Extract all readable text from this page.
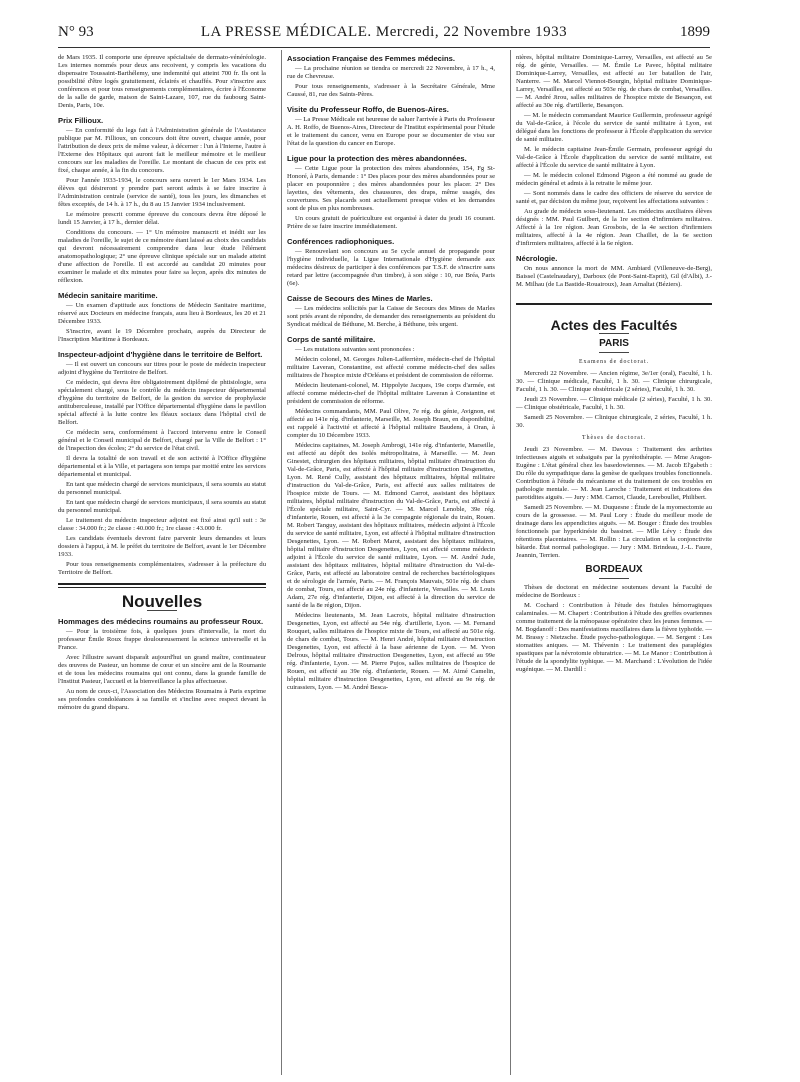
N° 93	LA PRESSE MÉDICALE. Mercredi, 22 Novembre 1933	1899

de Mars 1935. Il comporte une épreuve spécialisée de dermato-vénéréologie. Les internes nommés pour deux ans recoivent, y compris les vacations du dispensaire Toussaint-Barthélemy, une indemnité qui atteint 700 fr. Ils ont la possibilité d'être logés gratuitement, éclairés et chauffés. Pour s'inscrire aux conférences et pour tous renseignements complémentaires, écrire à l'Économe de la salle de garde, maison de Saint-Lazare, 107, rue du faubourg Saint-Denis, Paris, 10e.

Prix Fillioux.

— En conformité du legs fait à l'Administration générale de l'Assistance publique par M. Fillioux, un concours doit être ouvert, chaque année, pour l'attribution de deux prix de même valeur, à décerner : l'un à l'Interne, l'autre à l'Externe des Hôpitaux qui auront fait le meilleur mémoire et le meilleur concours sur les maladies de l'oreille. Le montant de chacun de ces prix est fixé, chaque année, à la fin du concours.

Pour l'année 1933-1934, le concours sera ouvert le 1er Mars 1934. Les élèves qui désireront y prendre part seront admis à se faire inscrire à l'Administration centrale (service de santé), tous les jours, les dimanches et fêtes exceptés, de 14 h. à 17 h., du 8 au 15 Janvier 1934 inclusivement.

Le mémoire prescrit comme épreuve du concours devra être déposé le lundi 15 Janvier, à 17 h., dernier délai.

Conditions du concours. — 1° Un mémoire manuscrit et inédit sur les maladies de l'oreille, le sujet de ce mémoire étant laissé au choix des candidats qui devront nécessairement comprendre dans leur étude l'élément anatomopathologique; 2° une épreuve clinique spéciale sur un malade atteint d'une affection de l'oreille. Il est accordé au candidat 20 minutes pour examiner le malade et dix minutes pour faire sa leçon, après dix minutes de réflexion.

Médecin sanitaire maritime.

— Un examen d'aptitude aux fonctions de Médecin Sanitaire maritime, réservé aux Docteurs en médecine français, aura lieu à Bordeaux, les 20 et 21 Décembre 1933.

S'inscrire, avant le 19 Décembre prochain, auprès du Directeur de l'Inscription Maritime à Bordeaux.

Inspecteur-adjoint d'hygiène dans le territoire de Belfort.

— Il est ouvert un concours sur titres pour le poste de médecin inspecteur adjoint d'hygiène du Territoire de Belfort.

Ce médecin, qui devra être obligatoirement diplômé de phtisiologie, sera spécialement chargé, sous le contrôle du médecin inspecteur départemental d'hygiène du territoire de Belfort, de la gestion du service de prophylaxie antituberculeuse, installé par l'Office départemental d'hygiène dans le pavillon spécial affecté à la lutte contre les fléaux sociaux dans l'hôpital civil de Belfort.

Ce médecin sera, conformément à l'accord intervenu entre le Conseil général et le Conseil municipal de Belfort, chargé par la Ville de Belfort : 1° de l'inspection des écoles; 2° du service de l'état civil.

Il devra la totalité de son travail et de son activité à l'Office d'hygiène départemental et à la Ville, et partagera son temps par moitié entre les services départemental et municipal.

En tant que médecin chargé de services municipaux, il sera soumis au statut du personnel municipal.

En tant que médecin chargé de services municipaux, il sera soumis au statut du personnel municipal.

Le traitement du médecin inspecteur adjoint est fixé ainsi qu'il suit : 3e classe : 34.000 fr.; 2e classe : 40.000 fr.; 1re classe : 43.000 fr.

Les candidats éventuels devront faire parvenir leurs demandes et leurs dossiers à l'appui, à M. le préfet du territoire de Belfort, avant le 1er Décembre 1933.

Pour tous renseignements complémentaires, s'adresser à la préfecture du Territoire de Belfort.

Nouvelles
Hommages des médecins roumains au professeur Roux.

— Pour la troisième fois, à quelques jours d'intervalle, la mort du professeur Émile Roux frappe douloureusement la science universelle et la France.

Avec l'illustre savant disparaît aujourd'hui un grand maître, continuateur des œuvres de Pasteur, un homme de cœur et un sincère ami de la Roumanie et de tous les médecins roumains qui ont connu, dans la grande famille de l'Institut Pasteur, l'accueil et la bienveillance la plus affectueuse.

Au nom de ceux-ci, l'Association des Médecins Roumains à Paris exprime ses profondes condoléances à sa famille et s'incline avec respect devant la mémoire du grand disparu.

Association Française des Femmes médecins.

— La prochaine réunion se tiendra ce mercredi 22 Novembre, à 17 h., 4, rue de Chevreuse.

Pour tous renseignements, s'adresser à la Secrétaire Générale, Mme Caussé, 81, rue des Saints-Pères.

Visite du Professeur Roffo, de Buenos-Aires.

— La Presse Médicale est heureuse de saluer l'arrivée à Paris du Professeur A. H. Roffo, de Buenos-Aires, Directeur de l'Institut expérimental pour l'étude et le traitement du cancer, venu en Europe pour se documenter de visu sur l'état de la question du cancer en Europe.

Ligue pour la protection des mères abandonnées.

— Cette Ligue pour la protection des mères abandonnées, 154, Fg St-Honoré, à Paris, demande : 1° Des places pour des mères abandonnées pour se placer en pouponnière ; des mères abandonnées pour les placer. 2° Des layettes, des vêtements, des chaussures, des draps, même usagés, des couvertures. Ses placards sont actuellement presque vides et les demandes sont de plus en plus nombreuses.

Un cours gratuit de puériculture est organisé à dater du jeudi 16 courant. Prière de se faire inscrire immédiatement.

Conférences radiophoniques.

— Renouvelant son concours au 5e cycle annuel de propagande pour l'hygiène individuelle, la Ligue Internationale d'Hygiène demande aux médecins désireux de participer à des conférences par T.S.F. de s'inscrire sans retard par lettre (accompagnée d'un timbre), à son siège : 10, rue Bréa, Paris (6e).

Caisse de Secours des Mines de Marles.

— Les médecins sollicités par la Caisse de Secours des Mines de Marles sont priés avant de répondre, de demander des renseignements au président du Syndicat médical de Béthune, M. Berche, à Béthune, très urgent.

Corps de santé militaire.

— Les mutations suivantes sont prononcées :

Médecin colonel, M. Georges Julien-Lafferrière, médecin-chef de l'hôpital militaire Laveran, Constantine, est affecté comme médecin-chef des salles militaires de l'hospice mixte d'Orléans et président de commission de réforme.

Médecin lieutenant-colonel, M. Hippolyte Jacques, 19e corps d'armée, est affecté comme médecin-chef de l'hôpital militaire Laveran à Constantine et président de commission de réforme.

Médecins commandants, MM. Paul Olive, 7e rég. du génie, Avignon, est affecté au 141e rég. d'infanterie, Marseille, M. Joseph Braun, en disponibilité, est rappelé à l'activité et affecté à l'hôpital militaire Baudens, à Oran, à compter du 10 Décembre 1933.

Médecins capitaines, M. Joseph Ambrogi, 141e rég. d'infanterie, Marseille, est affecté au dépôt des isolés métropolitains, à Marseille. — M. Jean Ginestet, chirurgien des hôpitaux militaires, hôpital militaire d'instruction du Val-de-Grâce, Paris, est affecté à l'hôpital militaire d'instruction Desgenettes, Lyon. M. René Cully, assistant des hôpitaux militaires, hôpital militaire d'instruction du Val-de-Grâce, Paris, est affecté aux salles militaires de l'hospice mixte de Tours. — M. Edmond Carrot, assistant des hôpitaux militaires, hôpital militaire d'instruction du Val-de-Grâce, Paris, est affecté à l'École spéciale militaire, Saint-Cyr. — M. Marcel Lenoble, 39e rég. d'infanterie, Rouen, est affecté à la 3e compagnie régionale du train, Rouen. M. Robert Tanguy, assistant des hôpitaux militaires, médecin adjoint à l'École du service de santé militaire, Lyon, est affecté à l'hôpital militaire d'instruction Desgenettes, Lyon. — M. Robert Marot, assistant des hôpitaux militaires, hôpital militaire d'instruction Desgenettes, Lyon, est affecté comme médecin adjoint à l'École du service de santé militaire, Lyon. — M. André Jude, assistant des hôpitaux militaires, hôpital militaire d'instruction du Val-de-Grâce, Paris, est affecté au laboratoire central de recherches bactériologiques et de sérologie de l'armée, Paris. — M. François Mauvais, 501e rég. de chars de combat, Tours, est affecté au 24e rég. d'infanterie, Versailles. — M. Louis Adam, 27e rég. d'infanterie, Dijon, est affecté à la direction du service de santé de la 8e région, Dijon.

Médecins lieutenants, M. Jean Lacroix, hôpital militaire d'instruction Desgenettes, Lyon, est affecté au 54e rég. d'artillerie, Lyon. — M. Fernand Rouquet, salles militaires de l'hospice mixte de Tours, est affecté au 501e rég. de chars de combat, Tours. — M. Henri André, hôpital militaire d'instruction Desgenettes, Lyon, est affecté à la base aérienne de Lyon. — M. Yvon Delrous, hôpital militaire d'instruction Desgenettes, Lyon, est affecté au 99e rég. d'infanterie, Lyon. — M. Pierre Pujos, salles militaires de l'hospice de Rouen, est affecté au 39e rég. d'infanterie, Rouen. — M. Aimé Camelin, hôpital militaire d'instruction Desgenettes, Lyon, est affecté au 9e rég. de cuirassiers, Lyon. — M. André Besca-

nières, hôpital militaire Dominique-Larrey, Versailles, est affecté au 5e rég. de génie, Versailles. — M. Émile Le Pavec, hôpital militaire Dominique-Larrey, Versailles, est affecté au 1er bataillon de l'air, Nanterre. — M. Marcel Viennot-Bourgin, hôpital militaire Dominique-Larrey, Versailles, est affecté au 503e rég. de chars de combat, Versailles. — M. André Jirou, salles militaires de l'hospice mixte de Besançon, est affecté au 30e rég. d'artillerie, Besançon.

— M. le médecin commandant Maurice Guillermin, professeur agrégé du Val-de-Grâce, à l'école du service de santé militaire à Lyon, est délégué dans les fonctions de professeur à l'École d'application du service de santé militaire.

M. le médecin capitaine Jean-Émile Germain, professeur agrégé du Val-de-Grâce à l'École d'application du service de santé militaire, est affecté à l'École du service de santé militaire à Lyon.

— M. le médecin colonel Edmond Pigeon a été nommé au grade de médecin général et admis à la retraite le même jour.

— Sont nommés dans le cadre des officiers de réserve du service de santé et, par décision du même jour, reçoivent les affectations suivantes :

Au grade de médecin sous-lieutenant. Les médecins auxiliaires élèves désignés : MM. Paul Guilbert, de la 1re section d'infirmiers militaires. Affecté à la 1re région. Jean Grosbois, de la 4e section d'infirmiers militaires, affecté à la 4e région. Jean Chaillet, de la 6e section d'infirmiers militaires, affecté à la 6e région.

Nécrologie.

On nous annonce la mort de MM. Ambiard (Villeneuve-de-Berg), Baissel (Castelnaudary), Darboux (de Pont-Saint-Esprit), Gil (d'Albi), J.-M. Milhau (de La Bastide-Rouairoux), Jean Arnaltat (Béziers).

Actes des Facultés
PARIS
Examens de doctorat.

Mercredi 22 Novembre. — Ancien régime, 3e/1er (oral), Faculté, 1 h. 30. — Clinique médicale, Faculté, 1 h. 30. — Clinique chirurgicale, Faculté, 1 h. 30. — Clinique obstétricale (2 séries), Faculté, 1 h. 30.

Jeudi 23 Novembre. — Clinique médicale (2 séries), Faculté, 1 h. 30. — Clinique obstétricale, Faculté, 1 h. 30.

Samedi 25 Novembre. — Clinique chirurgicale, 2 séries, Faculté, 1 h. 30.

Thèses de doctorat.

Jeudi 23 Novembre. — M. Davous : Traitement des arthrites infectieuses aiguës et subaiguës par la pyrétothérapie. — Mme Aragon-Eugène : L'état général chez les basedowiennes. — M. Jacob El'gabeth : Du rôle du sympathique dans la genèse de quelques troubles fonctionnels. Contribution à l'étude du mécanisme et du traitement de ces troubles en pathologie mentale. — M. Jean Laroche : Traitement et indications des parotidites aiguës. — Jury : MM. Carnot, Claude, Lereboullet, Philibert.

Samedi 25 Novembre. — M. Duquesne : Étude de la myomectomie au cours de la grossesse. — M. Paul Lory : Étude du meilleur mode de drainage dans les appendicites aiguës. — M. Bouger : Étude des troubles fonctionnels par hyperkinésie du bassinet. — Mlle Lévy : Étude des rétentions placentaires. — M. Rollin : La circulation et la conjonctivite bâtarde. État normal pathologique. — Jury : MM. Brindeau, J.-L. Faure, Jeannin, Terrien.

BORDEAUX

Thèses de doctorat en médecine soutenues devant la Faculté de médecine de Bordeaux :

M. Cochard : Contribution à l'étude des fistules hémorragiques calaminales. — M. Chapert : Contribution à l'étude des greffes ovariennes comme traitement de la ménopause opératoire chez les jeunes femmes. — M. Bogdanoff : Des manifestations maxillaires dans la fièvre typhoïde. — M. Brassy : Nietzsche. Étude psycho-pathologique. — M. Sergent : Les stomatites aniques. — M. Thévenin : Le traitement des paraplégies spastiques par la névrotomie obturatrice. — M. Le Manor : Contribution à l'étude de la spondylite typhique. — M. Marchand : L'évolution de l'idée eugénique. — M. Dardill :
